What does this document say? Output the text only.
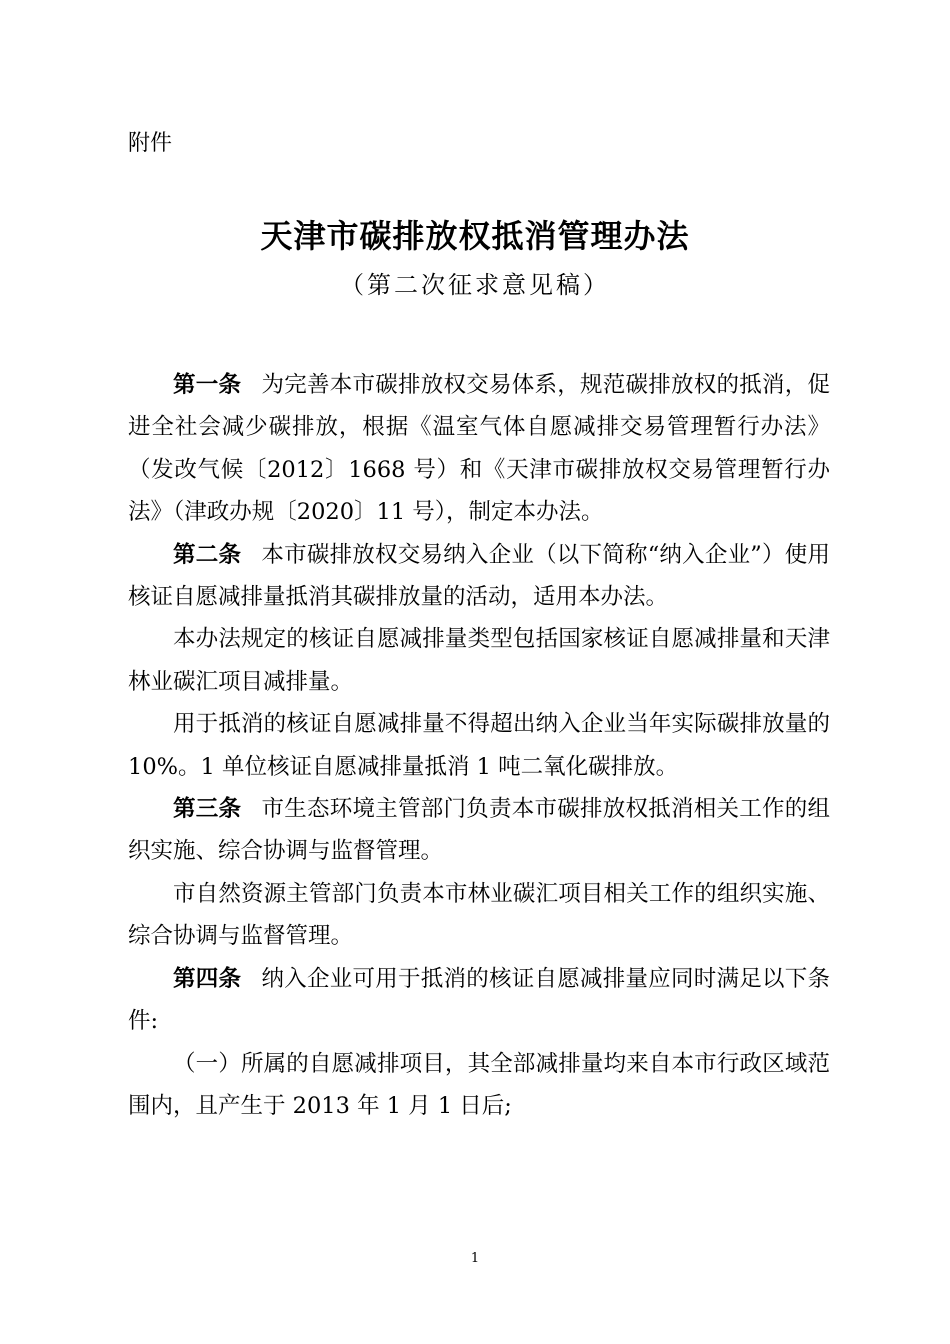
附件
天津市碳排放权抵消管理办法
（第二次征求意见稿）

第一条 为完善本市碳排放权交易体系，规范碳排放权的抵消，促进全社会减少碳排放，根据《温室气体自愿减排交易管理暂行办法》（发改气候〔2012〕1668 号）和《天津市碳排放权交易管理暂行办法》（津政办规〔2020〕11 号），制定本办法。

第二条 本市碳排放权交易纳入企业（以下简称“纳入企业”）使用核证自愿减排量抵消其碳排放量的活动，适用本办法。

本办法规定的核证自愿减排量类型包括国家核证自愿减排量和天津林业碳汇项目减排量。

用于抵消的核证自愿减排量不得超出纳入企业当年实际碳排放量的 10%。1 单位核证自愿减排量抵消 1 吨二氧化碳排放。

第三条 市生态环境主管部门负责本市碳排放权抵消相关工作的组织实施、综合协调与监督管理。

市自然资源主管部门负责本市林业碳汇项目相关工作的组织实施、综合协调与监督管理。

第四条 纳入企业可用于抵消的核证自愿减排量应同时满足以下条件:

（一）所属的自愿减排项目，其全部减排量均来自本市行政区域范围内，且产生于 2013 年 1 月 1 日后;

1
